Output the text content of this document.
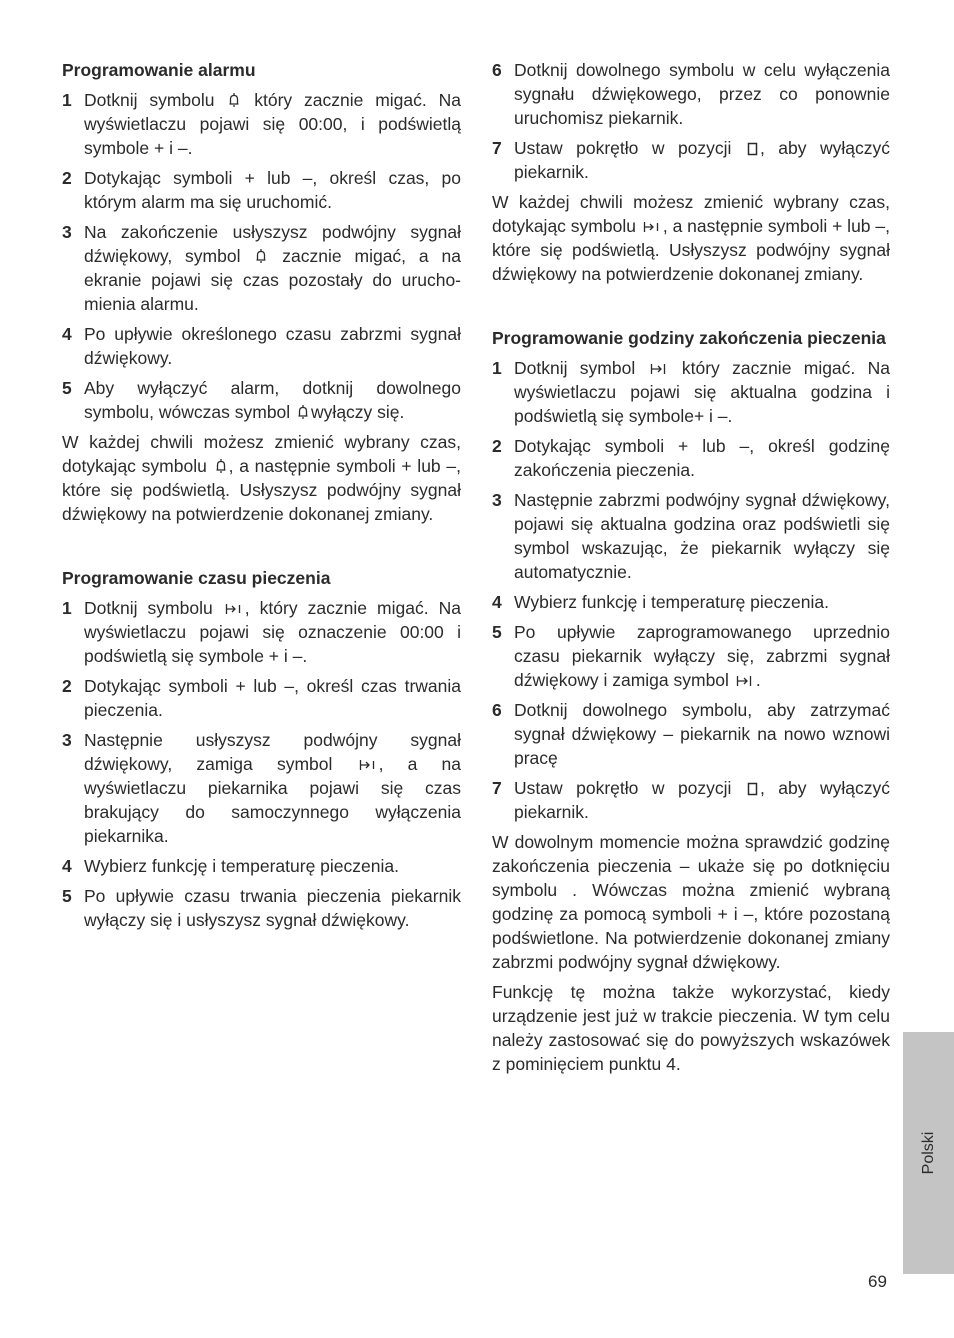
Programowanie alarmu
1 Dotknij symbolu który zacznie migać. Na wyświetlaczu pojawi się 00:00, i podświetlą symbole + i –.
2 Dotykając symboli + lub –, określ czas, po którym alarm ma się uruchomić.
3 Na zakończenie usłyszysz podwójny sygnał dźwiękowy, symbol zacznie migać, a na ekranie pojawi się czas pozostały do urucho-mienia alarmu.
4 Po upływie określonego czasu zabrzmi sygnał dźwiękowy.
5 Aby wyłączyć alarm, dotknij dowolnego symbolu, wówczas symbol wyłączy się.

W każdej chwili możesz zmienić wybrany czas, dotykając symbolu , a następnie symboli + lub –, które się podświetlą. Usłyszysz podwójny sygnał dźwiękowy na potwierdzenie dokonanej zmiany.

Programowanie czasu pieczenia
1 Dotknij symbolu , który zacznie migać. Na wyświetlaczu pojawi się oznaczenie 00:00 i podświetlą się symbole + i –.
2 Dotykając symboli + lub –, określ czas trwania pieczenia.
3 Następnie usłyszysz podwójny sygnał dźwiękowy, zamiga symbol	, a na wyświetlaczu piekarnika pojawi się czas brakujący do samoczynnego wyłączenia piekarnika.
4 Wybierz funkcję i temperaturę pieczenia.
5 Po upływie czasu trwania pieczenia piekarnik wyłączy się i usłyszysz sygnał dźwiękowy.
6 Dotknij dowolnego symbolu w celu wyłączenia sygnału dźwiękowego, przez co ponownie uruchomisz piekarnik.
7 Ustaw pokrętło w pozycji , aby wyłączyć piekarnik.

W każdej chwili możesz zmienić wybrany czas, dotykając symbolu , a następnie symboli + lub –, które się podświetlą. Usłyszysz podwójny sygnał dźwiękowy na potwierdzenie dokonanej zmiany.

Programowanie godziny zakończenia pieczenia
1 Dotknij symbol	który zacznie migać. Na wyświetlaczu pojawi się aktualna godzina i podświetlą się symbole+ i –.
2 Dotykając symboli + lub –, określ godzinę zakończenia pieczenia.
3 Następnie zabrzmi podwójny sygnał dźwiękowy, pojawi się aktualna godzina oraz podświetli się symbol wskazując, że piekarnik wyłączy się automatycznie.
4 Wybierz funkcję i temperaturę pieczenia.
5 Po upływie zaprogramowanego uprzednio czasu piekarnik wyłączy się, zabrzmi sygnał dźwiękowy i zamiga symbol .
6 Dotknij dowolnego symbolu, aby zatrzymać sygnał dźwiękowy – piekarnik na nowo wznowi pracę
7 Ustaw pokrętło w pozycji , aby wyłączyć piekarnik.

W dowolnym momencie można sprawdzić godzinę zakończenia pieczenia – ukaże się po dotknięciu symbolu . Wówczas można zmienić wybraną godzinę za pomocą symboli + i –, które pozostaną podświetlone. Na potwierdzenie dokonanej zmiany zabrzmi podwójny sygnał dźwiękowy.

Funkcję tę można także wykorzystać, kiedy urządzenie jest już w trakcie pieczenia. W tym celu należy zastosować się do powyższych wskazówek z pominięciem punktu 4.

Polski
69
